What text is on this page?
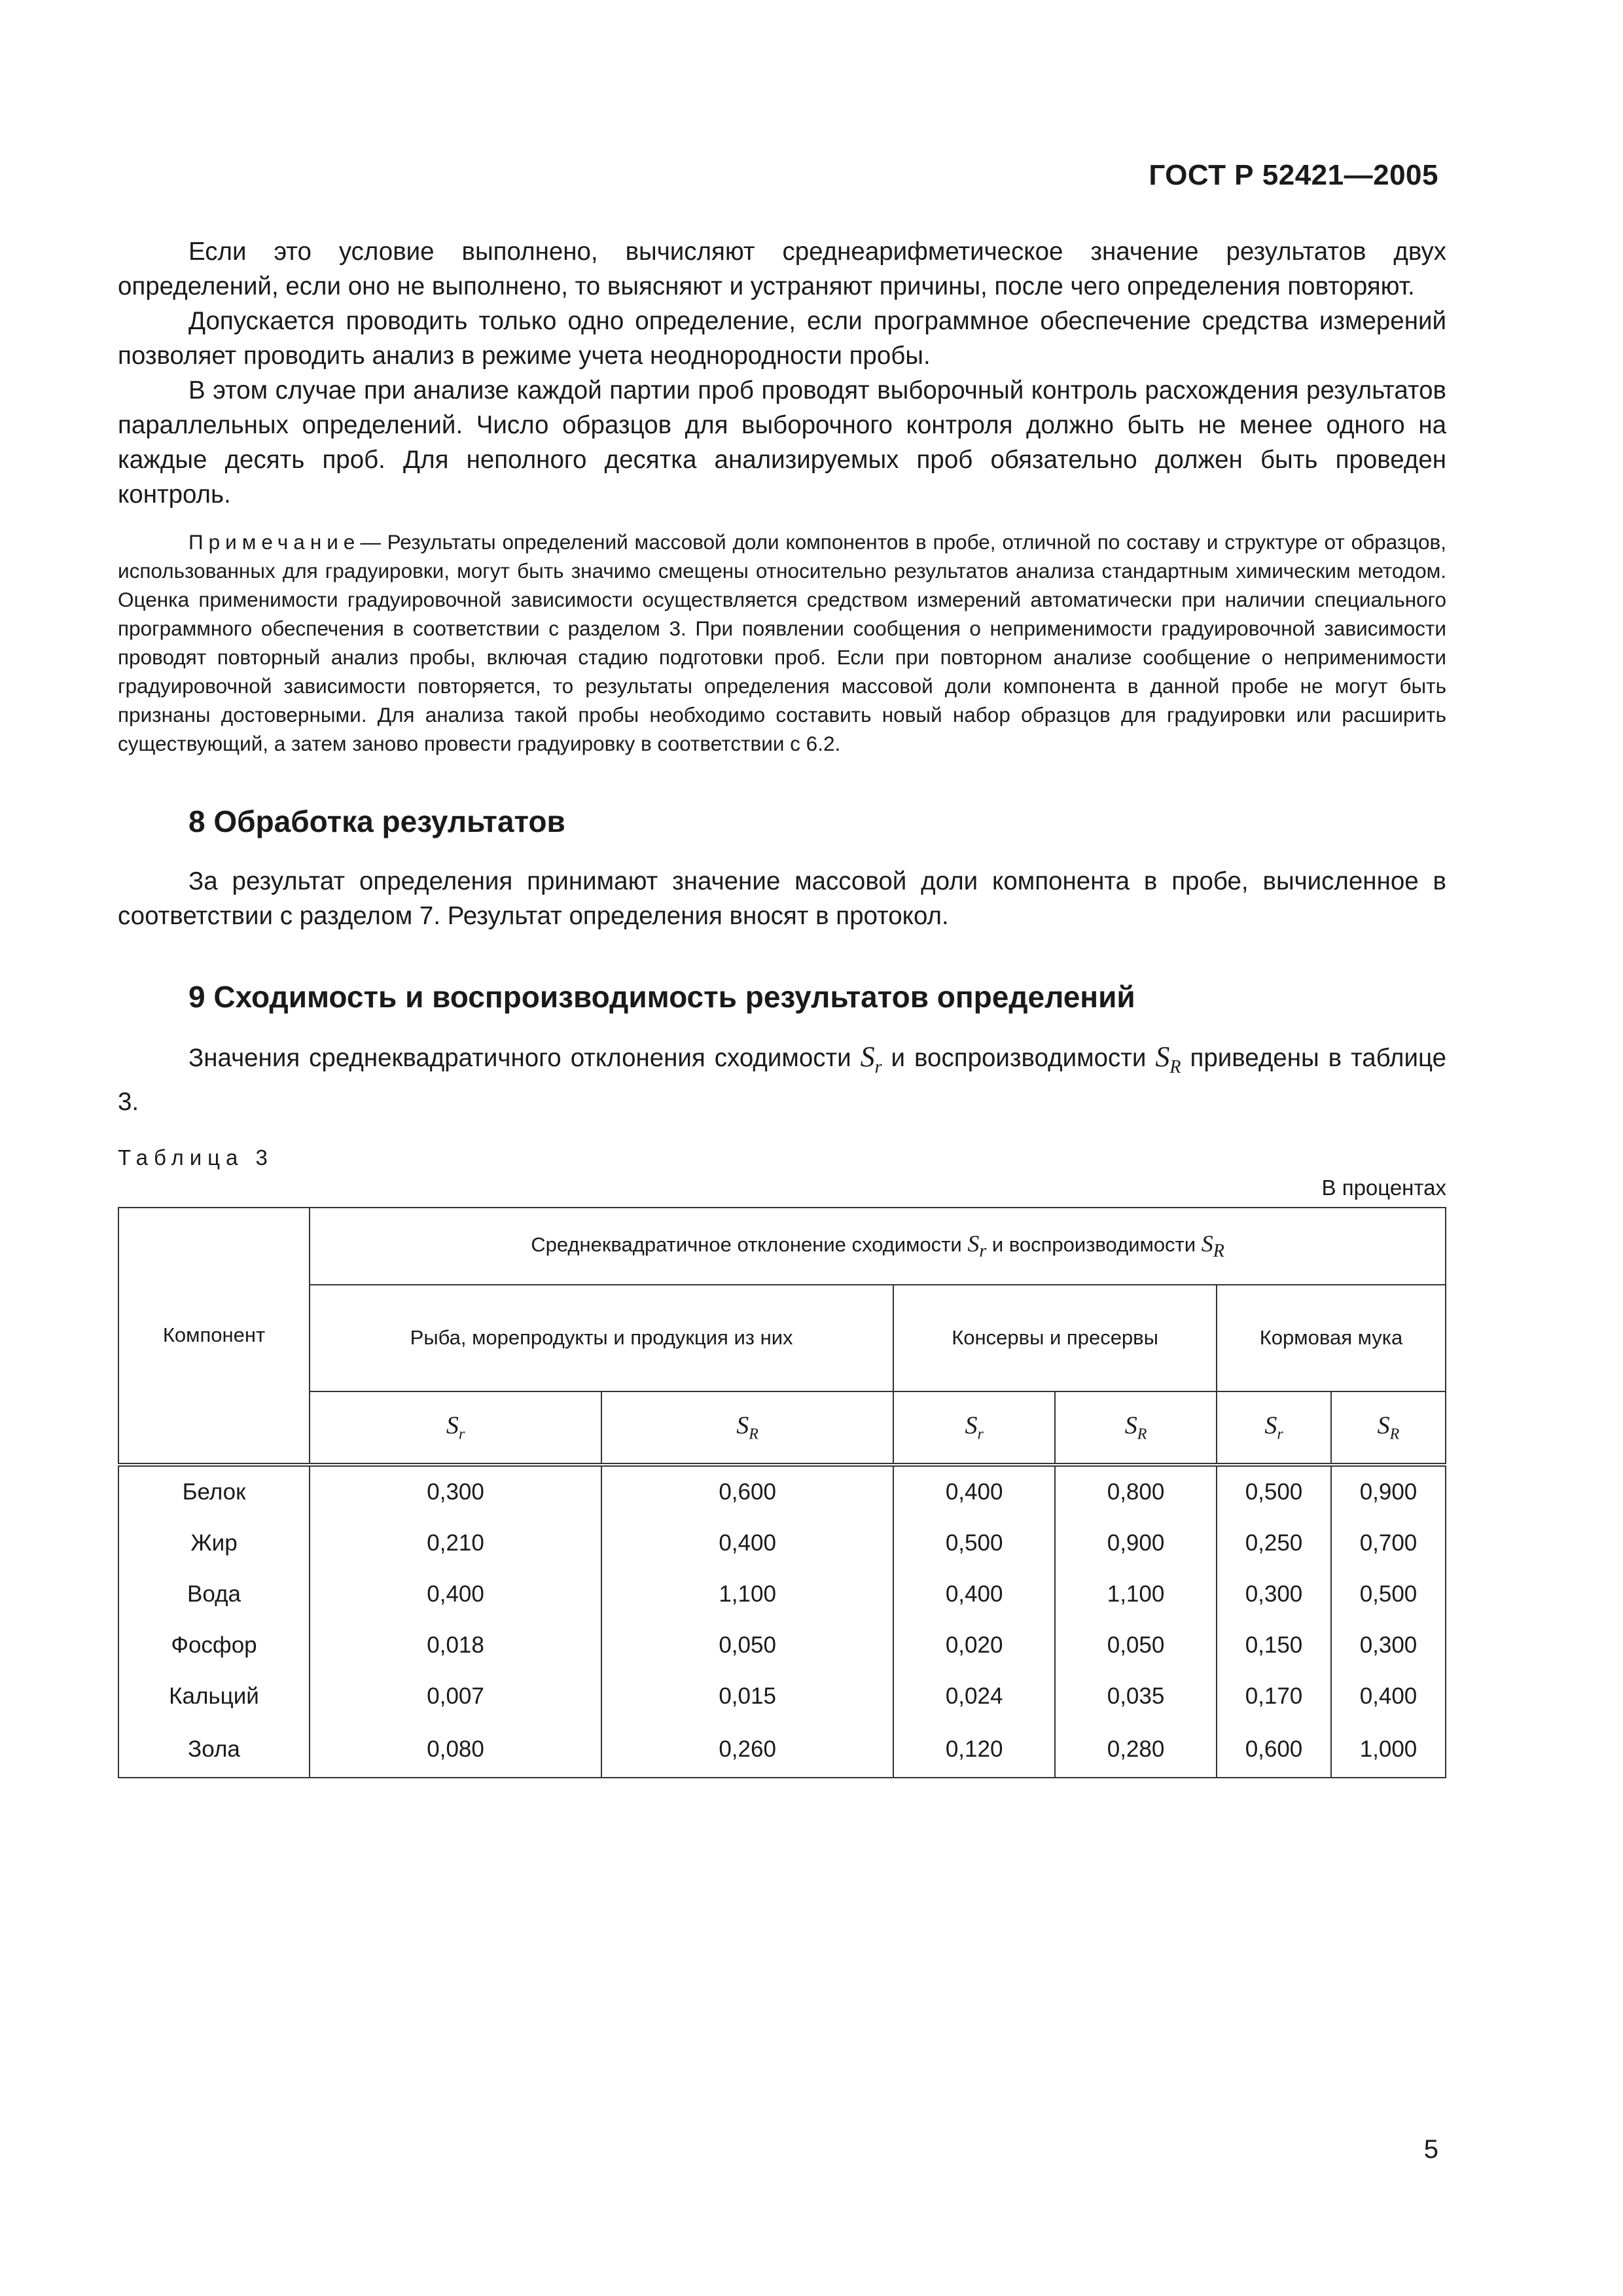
ГОСТ Р 52421—2005

Если это условие выполнено, вычисляют среднеарифметическое значение результатов двух определений, если оно не выполнено, то выясняют и устраняют причины, после чего определения повторяют.

Допускается проводить только одно определение, если программное обеспечение средства измерений позволяет проводить анализ в режиме учета неоднородности пробы.

В этом случае при анализе каждой партии проб проводят выборочный контроль расхождения результатов параллельных определений. Число образцов для выборочного контроля должно быть не менее одного на каждые десять проб. Для неполного десятка анализируемых проб обязательно должен быть проведен контроль.

Примечание— Результаты определений массовой доли компонентов в пробе, отличной по составу и структуре от образцов, использованных для градуировки, могут быть значимо смещены относительно результатов анализа стандартным химическим методом. Оценка применимости градуировочной зависимости осуществляется средством измерений автоматически при наличии специального программного обеспечения в соответствии с разделом 3. При появлении сообщения о неприменимости градуировочной зависимости проводят повторный анализ пробы, включая стадию подготовки проб. Если при повторном анализе сообщение о неприменимости градуировочной зависимости повторяется, то результаты определения массовой доли компонента в данной пробе не могут быть признаны достоверными. Для анализа такой пробы необходимо составить новый набор образцов для градуировки или расширить существующий, а затем заново провести градуировку в соответствии с 6.2.

8 Обработка результатов

За результат определения принимают значение массовой доли компонента в пробе, вычисленное в соответствии с разделом 7. Результат определения вносят в протокол.

9 Сходимость и воспроизводимость результатов определений

Значения среднеквадратичного отклонения сходимости $S_r$ и воспроизводимости $S_R$ приведены в таблице 3.

Таблица 3
В процентах
Компонент	Среднеквадратичное отклонение сходимости $S_r$ и воспроизводимости $S_R$
	Рыба, морепродукты и продукция из них		Консервы и пресервы		Кормовая мука	
	$S_r$	$S_R$	$S_r$	$S_R$	$S_r$	$S_R$
Белок	0,300	0,600	0,400	0,800	0,500	0,900
Жир	0,210	0,400	0,500	0,900	0,250	0,700
Вода	0,400	1,100	0,400	1,100	0,300	0,500
Фосфор	0,018	0,050	0,020	0,050	0,150	0,300
Кальций	0,007	0,015	0,024	0,035	0,170	0,400
Зола	0,080	0,260	0,120	0,280	0,600	1,000
5
